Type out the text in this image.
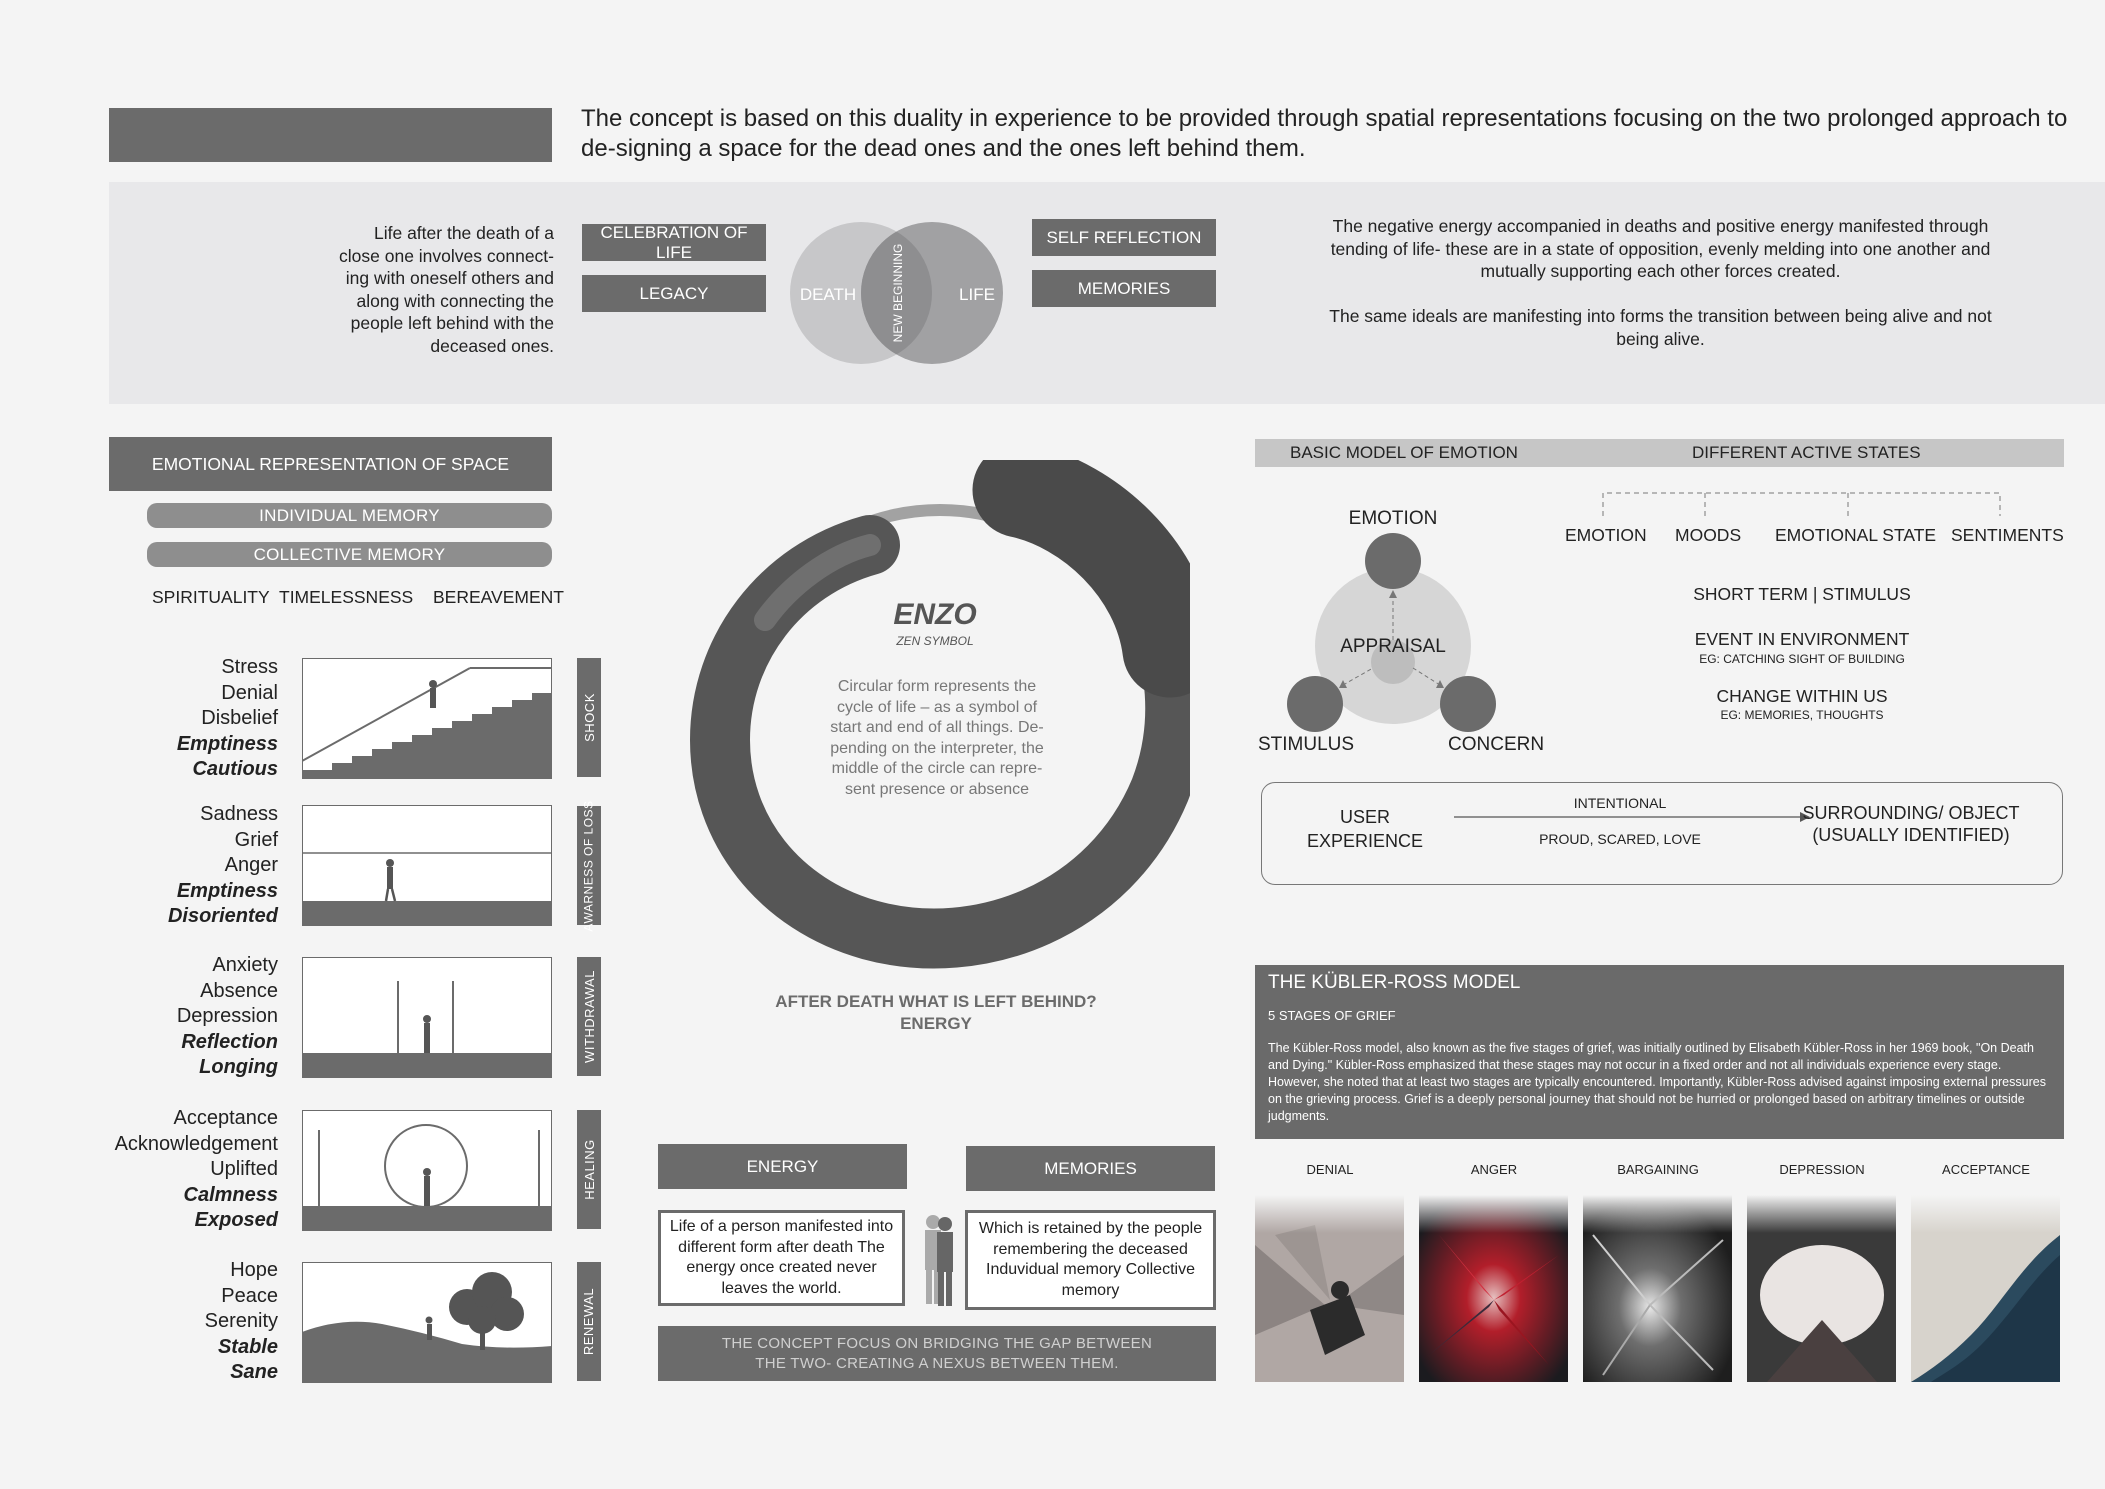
The concept is based on this duality in experience to be provided through spatial representations focusing on the two prolonged approach to de-signing a space for the dead ones and the ones left behind them.
Life after the death of a close one involves connect-ing with oneself others and along with connecting the people left behind with the deceased ones.
CELEBRATION OF LIFE
LEGACY
SELF REFLECTION
MEMORIES
DEATH	LIFE
NEW BEGINNING
The negative energy accompanied in deaths and positive energy manifested through tending of life- these are in a state of opposition, evenly melding into one another and mutually supporting each other forces created.
The same ideals are manifesting into forms the transition between being alive and not being alive.
EMOTIONAL REPRESENTATION OF SPACE
INDIVIDUAL MEMORY
COLLECTIVE MEMORY
SPIRITUALITY TIMELESSNESS BEREAVEMENT
Stress
Denial
Disbelief
Emptiness
Cautious
SHOCK
Sadness
Grief
Anger
Emptiness
Disoriented	AWARNESS OF LOSS
Anxiety
Absence
Depression
Reflection
Longing
WITHDRAWAL
Acceptance
Acknowledgement
Uplifted
Calmness
Exposed
HEALING
Hope
Peace
Serenity
Stable
Sane
RENEWAL
ENZO
ZEN SYMBOL
Circular form represents the cycle of life – as a symbol of start and end of all things. De-pending on the interpreter, the middle of the circle can repre-sent presence or absence
AFTER DEATH WHAT IS LEFT BEHIND?
ENERGY
ENERGY	MEMORIES
Life of a person manifested into different form after death The energy once created never leaves the world.
Which is retained by the people remembering the deceased Induvidual memory Collective memory
THE CONCEPT FOCUS ON BRIDGING THE GAP BETWEEN THE TWO- CREATING A NEXUS BETWEEN THEM.
BASIC MODEL OF EMOTION	DIFFERENT ACTIVE STATES
EMOTION
APPRAISAL
STIMULUS	CONCERN
EMOTION MOODS EMOTIONAL STATE SENTIMENTS
SHORT TERM | STIMULUS
EVENT IN ENVIRONMENT
EG: CATCHING SIGHT OF BUILDING
CHANGE WITHIN US
EG: MEMORIES, THOUGHTS
USER EXPERIENCE
INTENTIONAL
PROUD, SCARED, LOVE
SURROUNDING/ OBJECT (USUALLY IDENTIFIED)
THE KÜBLER-ROSS MODEL
5 STAGES OF GRIEF
The Kübler-Ross model, also known as the five stages of grief, was initially outlined by Elisabeth Kübler-Ross in her 1969 book, "On Death and Dying." Kübler-Ross emphasized that these stages may not occur in a fixed order and not all individuals experience every stage. However, she noted that at least two stages are typically encountered. Importantly, Kübler-Ross advised against imposing external pressures on the grieving process. Grief is a deeply personal journey that should not be hurried or prolonged based on arbitrary timelines or outside judgments.
DENIAL	ANGER	BARGAINING	DEPRESSION	ACCEPTANCE
